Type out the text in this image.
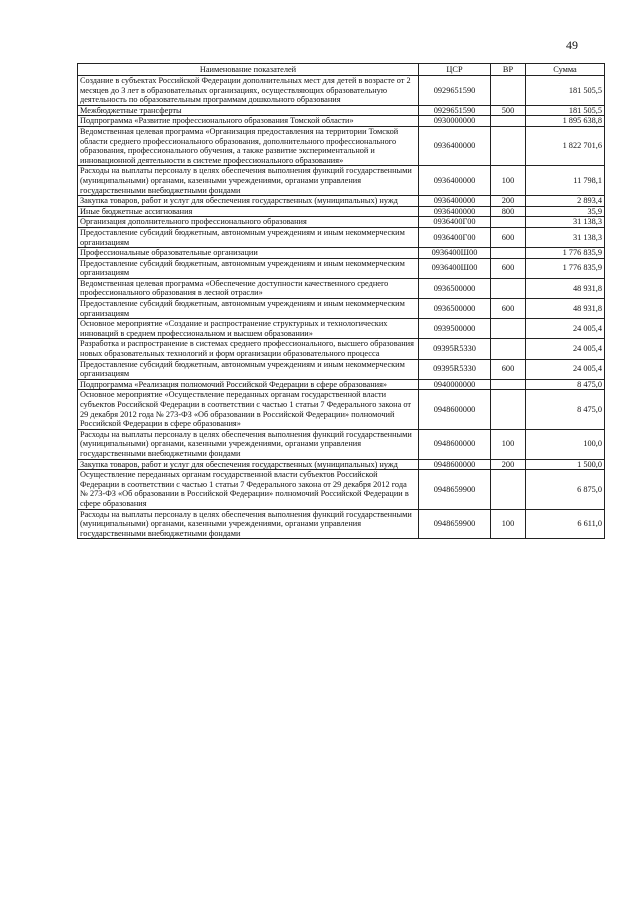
49
Наименование показателей	ЦСР	ВР	Сумма
Создание в субъектах Российской Федерации дополнительных мест для детей в возрасте от 2 месяцев до 3 лет в образовательных организациях, осуществляющих образовательную деятельность по образовательным программам дошкольного образования	0929651590		181 505,5
Межбюджетные трансферты	0929651590	500	181 505,5
Подпрограмма «Развитие профессионального образования Томской области»	0930000000		1 895 638,8
Ведомственная целевая программа «Организация предоставления на территории Томской области среднего профессионального образования, дополнительного профессионального образования, профессионального обучения, а также развитие экспериментальной и инновационной деятельности в системе профессионального образования»	0936400000		1 822 701,6
Расходы на выплаты персоналу в целях обеспечения выполнения функций государственными (муниципальными) органами, казенными учреждениями, органами управления государственными внебюджетными фондами	0936400000	100	11 798,1
Закупка товаров, работ и услуг для обеспечения государственных (муниципальных) нужд	0936400000	200	2 893,4
Иные бюджетные ассигнования	0936400000	800	35,9
Организация дополнительного профессионального образования	0936400Г00		31 138,3
Предоставление субсидий бюджетным, автономным учреждениям и иным некоммерческим организациям	0936400Г00	600	31 138,3
Профессиональные образовательные организации	0936400Ш00		1 776 835,9
Предоставление субсидий бюджетным, автономным учреждениям и иным некоммерческим организациям	0936400Ш00	600	1 776 835,9
Ведомственная целевая программа «Обеспечение доступности качественного среднего профессионального образования в лесной отрасли»	0936500000		48 931,8
Предоставление субсидий бюджетным, автономным учреждениям и иным некоммерческим организациям	0936500000	600	48 931,8
Основное мероприятие «Создание и распространение структурных и технологических инноваций в среднем профессиональном и высшем образовании»	0939500000		24 005,4
Разработка и распространение в системах среднего профессионального, высшего образования новых образовательных технологий и форм организации образовательного процесса	09395R5330		24 005,4
Предоставление субсидий бюджетным, автономным учреждениям и иным некоммерческим организациям	09395R5330	600	24 005,4
Подпрограмма «Реализация полномочий Российской Федерации в сфере образования»	0940000000		8 475,0
Основное мероприятие «Осуществление переданных органам государственной власти субъектов Российской Федерации в соответствии с частью 1 статьи 7 Федерального закона от 29 декабря 2012 года № 273-ФЗ «Об образовании в Российской Федерации» полномочий Российской Федерации в сфере образования»	0948600000		8 475,0
Расходы на выплаты персоналу в целях обеспечения выполнения функций государственными (муниципальными) органами, казенными учреждениями, органами управления государственными внебюджетными фондами	0948600000	100	100,0
Закупка товаров, работ и услуг для обеспечения государственных (муниципальных) нужд	0948600000	200	1 500,0
Осуществление переданных органам государственной власти субъектов Российской Федерации в соответствии с частью 1 статьи 7 Федерального закона от 29 декабря 2012 года № 273-ФЗ «Об образовании в Российской Федерации» полномочий Российской Федерации в сфере образования	0948659900		6 875,0
Расходы на выплаты персоналу в целях обеспечения выполнения функций государственными (муниципальными) органами, казенными учреждениями, органами управления государственными внебюджетными фондами	0948659900	100	6 611,0
